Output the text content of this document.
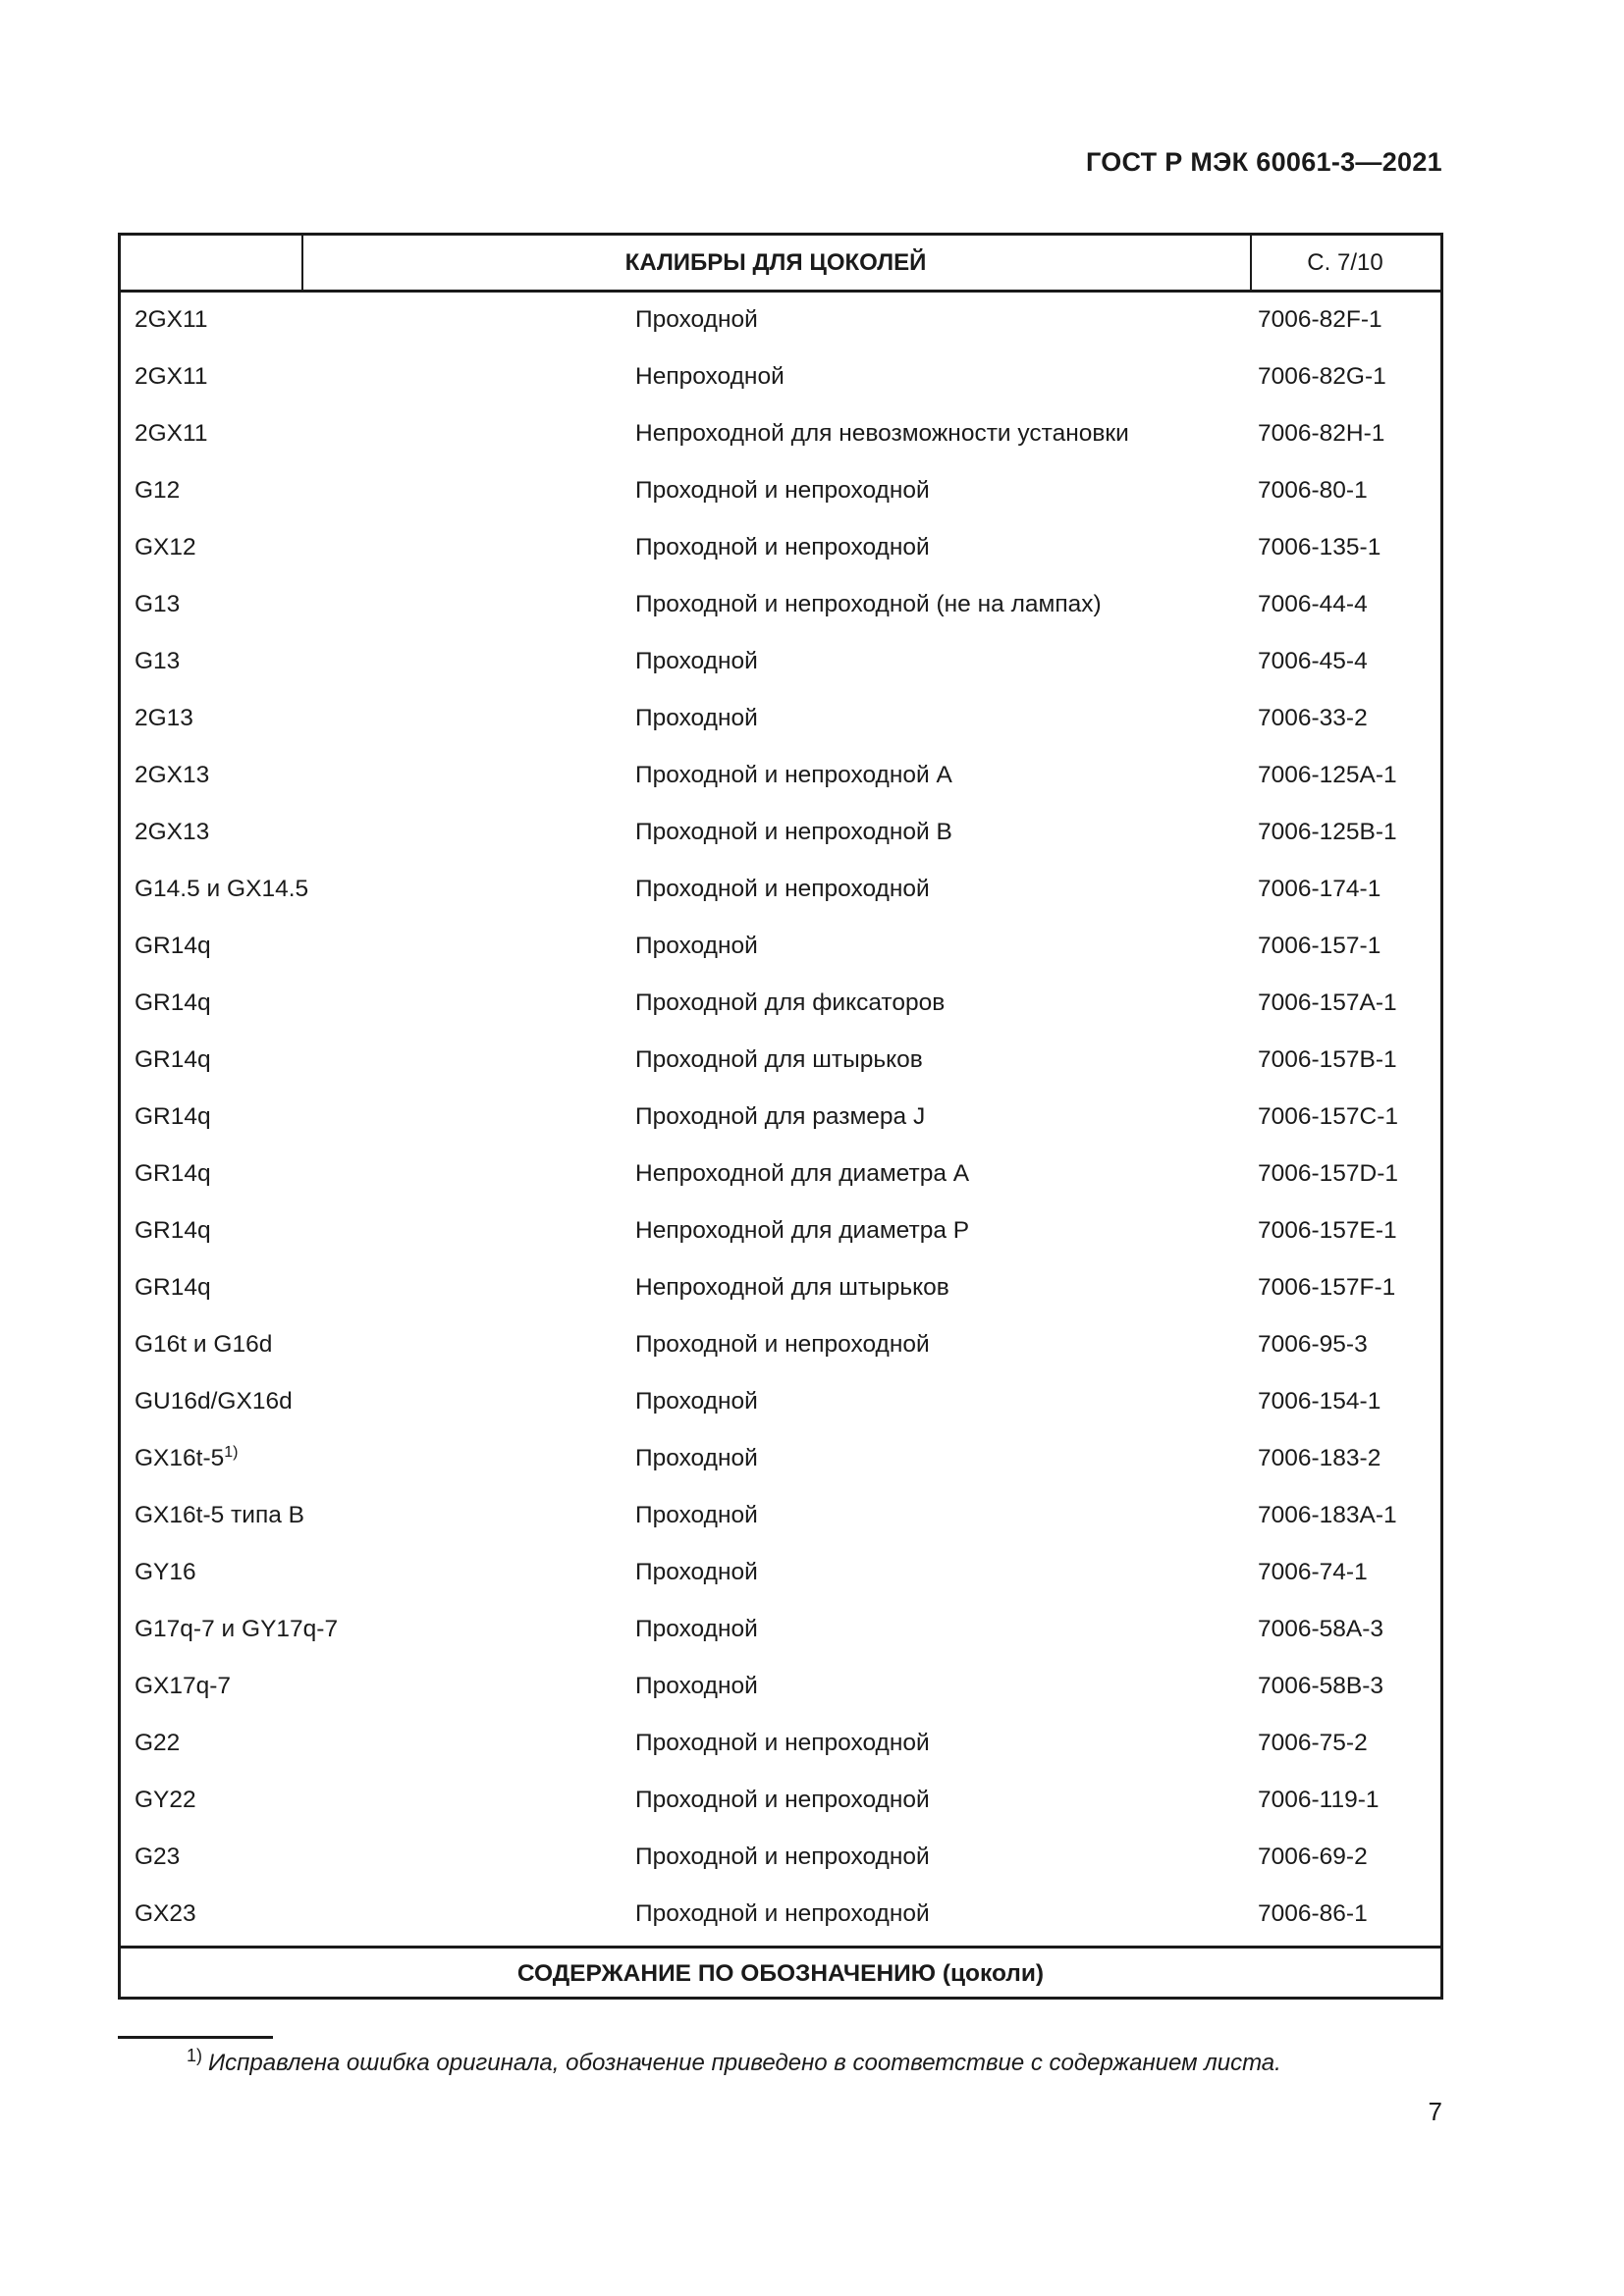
ГОСТ Р МЭК 60061-3—2021
КАЛИБРЫ ДЛЯ ЦОКОЛЕЙ	С. 7/10
2GX11	Проходной	7006-82F-1
2GX11	Непроходной	7006-82G-1
2GX11	Непроходной для невозможности установки	7006-82H-1
G12	Проходной и непроходной	7006-80-1
GX12	Проходной и непроходной	7006-135-1
G13	Проходной и непроходной (не на лампах)	7006-44-4
G13	Проходной	7006-45-4
2G13	Проходной	7006-33-2
2GX13	Проходной и непроходной А	7006-125A-1
2GX13	Проходной и непроходной В	7006-125B-1
G14.5 и GX14.5	Проходной и непроходной	7006-174-1
GR14q	Проходной	7006-157-1
GR14q	Проходной для фиксаторов	7006-157A-1
GR14q	Проходной для штырьков	7006-157B-1
GR14q	Проходной для размера J	7006-157C-1
GR14q	Непроходной для диаметра А	7006-157D-1
GR14q	Непроходной для диаметра Р	7006-157E-1
GR14q	Непроходной для штырьков	7006-157F-1
G16t и G16d	Проходной и непроходной	7006-95-3
GU16d/GX16d	Проходной	7006-154-1
GX16t-5$^{1)}$	Проходной	7006-183-2
GX16t-5 типа В	Проходной	7006-183A-1
GY16	Проходной	7006-74-1
G17q-7 и GY17q-7	Проходной	7006-58A-3
GX17q-7	Проходной	7006-58B-3
G22	Проходной и непроходной	7006-75-2
GY22	Проходной и непроходной	7006-119-1
G23	Проходной и непроходной	7006-69-2
GX23	Проходной и непроходной	7006-86-1
СОДЕРЖАНИЕ ПО ОБОЗНАЧЕНИЮ (цоколи)
$^{1)}$ Исправлена ошибка оригинала, обозначение приведено в соответствие с содержанием листа.
7
